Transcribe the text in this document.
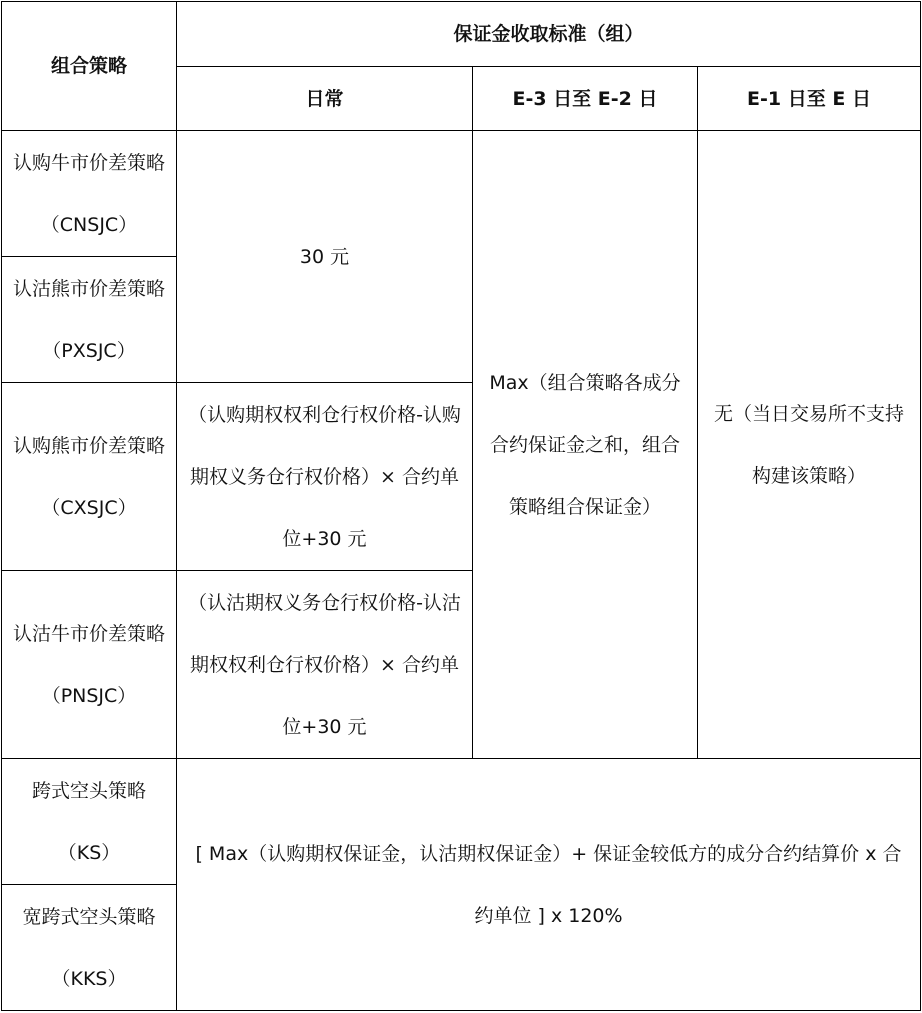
组合策略	保证金收取标准（组）		
	日常	E-3 日至 E-2 日	E-1 日至 E 日
认购牛市价差策略（CNSJC）	30 元	Max（组合策略各成分合约保证金之和，组合策略组合保证金）	无（当日交易所不支持构建该策略）
认沽熊市价差策略（PXSJC）			
认购熊市价差策略（CXSJC）	（认购期权权利仓行权价格-认购期权义务仓行权价格）× 合约单位+30 元		
认沽牛市价差策略（PNSJC）	（认沽期权义务仓行权价格-认沽期权权利仓行权价格）× 合约单位+30 元		
跨式空头策略（KS）	[ Max（认购期权保证金，认沽期权保证金）+ 保证金较低方的成分合约结算价 x 合约单位 ] x 120%		
宽跨式空头策略（KKS）			
